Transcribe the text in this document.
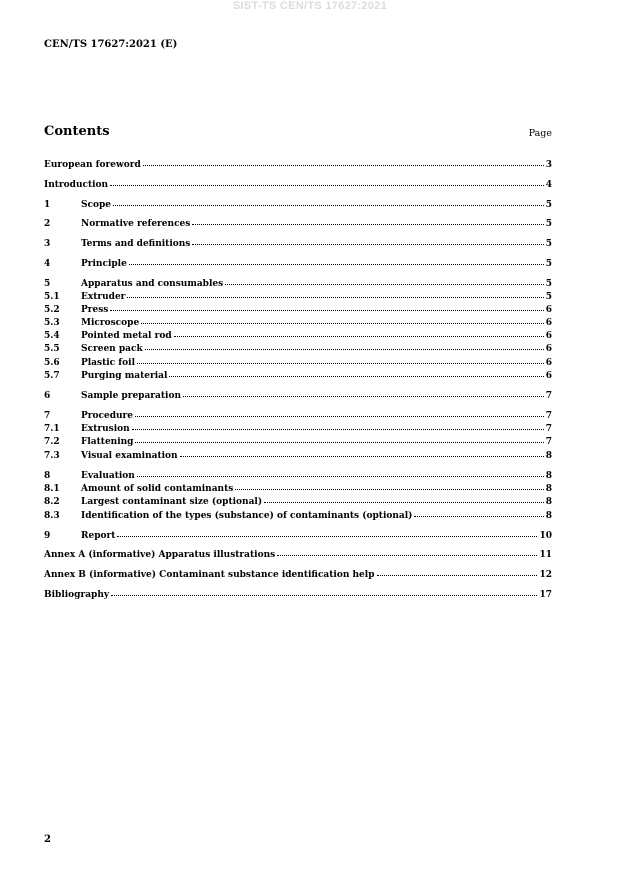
SIST-TS CEN/TS 17627:2021
CEN/TS 17627:2021 (E)
Contents	Page
European foreword	3
Introduction	4
1	Scope	5
2	Normative references	5
3	Terms and definitions	5
4	Principle	5
5	Apparatus and consumables	5
5.1	Extruder	5
5.2	Press	6
5.3	Microscope	6
5.4	Pointed metal rod	6
5.5	Screen pack	6
5.6	Plastic foil	6
5.7	Purging material	6
6	Sample preparation	7
7	Procedure	7
7.1	Extrusion	7
7.2	Flattening	7
7.3	Visual examination	8
8	Evaluation	8
8.1	Amount of solid contaminants	8
8.2	Largest contaminant size (optional)	8
8.3	Identification of the types (substance) of contaminants (optional)	8
9	Report	10
Annex A (informative) Apparatus illustrations	11
Annex B (informative) Contaminant substance identification help	12
Bibliography	17
2
